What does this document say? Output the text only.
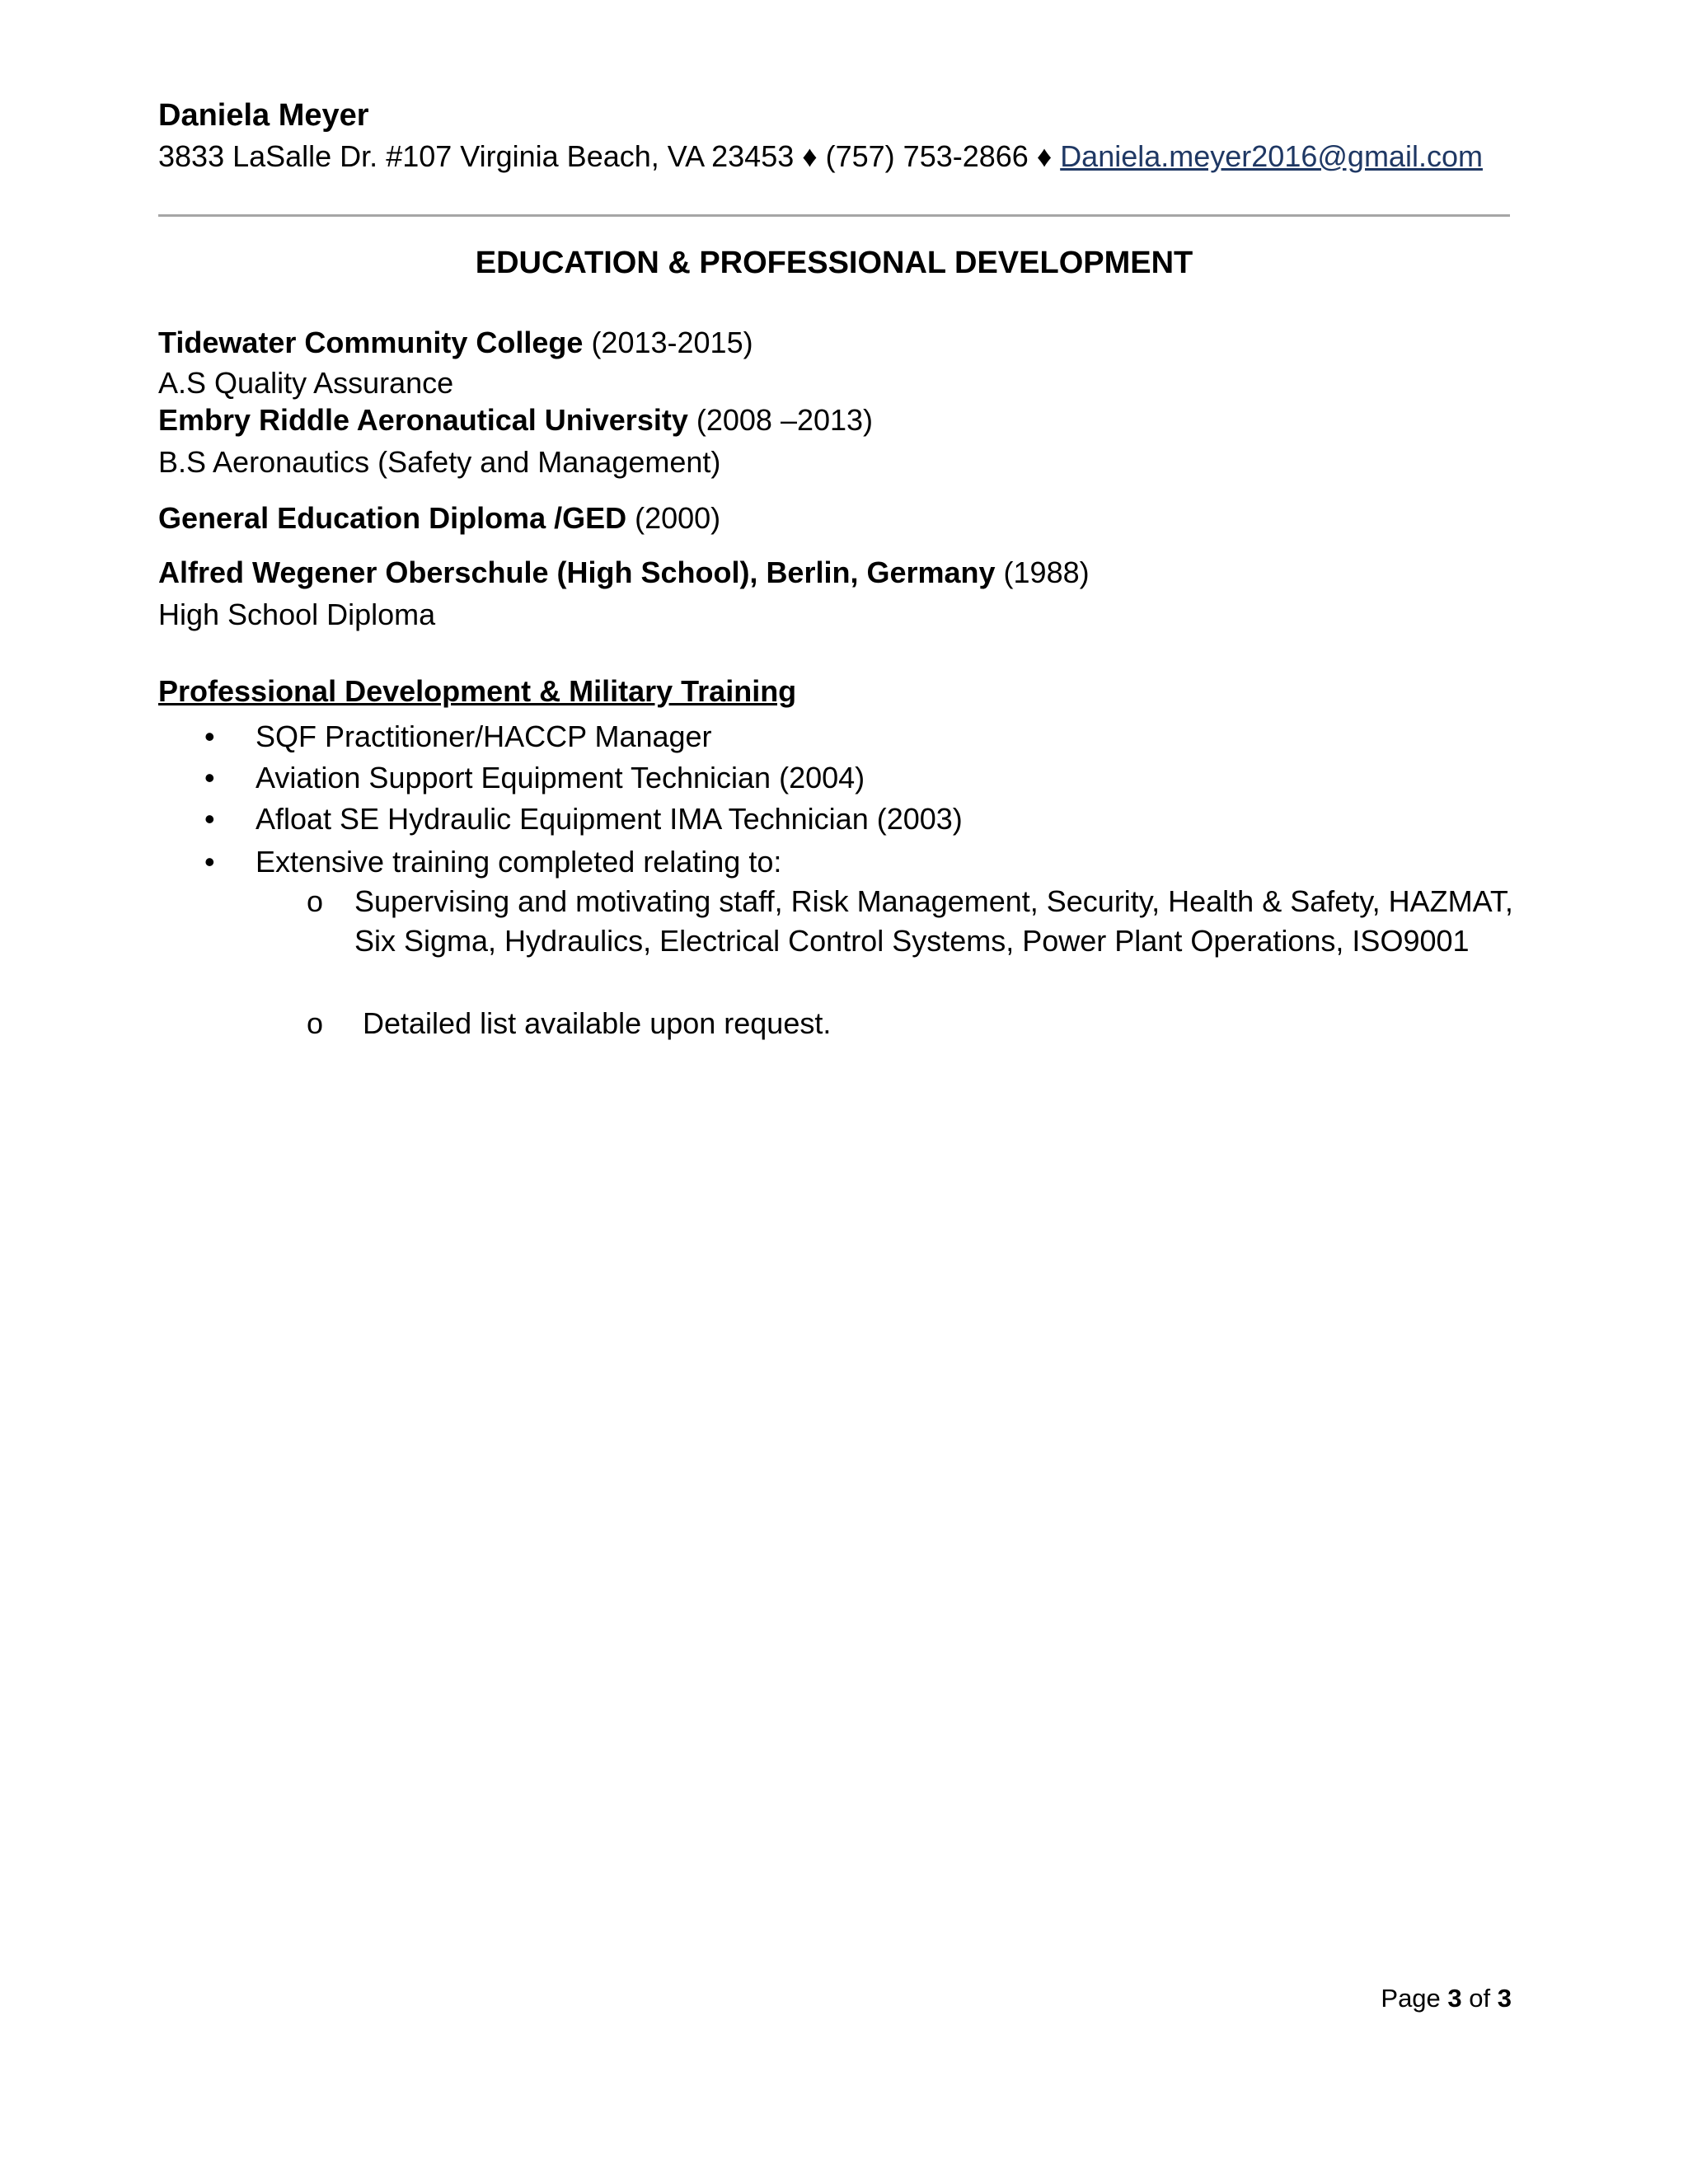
Daniela Meyer
3833 LaSalle Dr. #107 Virginia Beach, VA 23453 ♦ (757) 753-2866 ♦ Daniela.meyer2016@gmail.com
EDUCATION & PROFESSIONAL DEVELOPMENT
Tidewater Community College (2013-2015)
A.S Quality Assurance
Embry Riddle Aeronautical University (2008 –2013)
B.S Aeronautics (Safety and Management)
General Education Diploma /GED (2000)
Alfred Wegener Oberschule (High School), Berlin, Germany (1988)
High School Diploma
Professional Development & Military Training
• SQF Practitioner/HACCP Manager
• Aviation Support Equipment Technician (2004)
• Afloat SE Hydraulic Equipment IMA Technician (2003)
• Extensive training completed relating to:
o Supervising and motivating staff, Risk Management, Security, Health & Safety, HAZMAT, Six Sigma, Hydraulics, Electrical Control Systems, Power Plant Operations, ISO9001
o Detailed list available upon request.
Page 3 of 3
